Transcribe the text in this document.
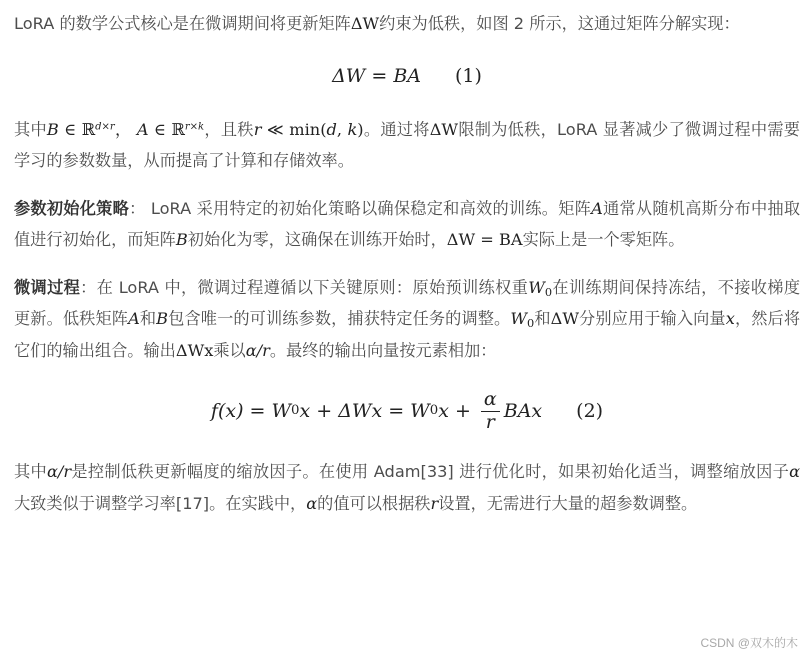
LoRA 的数学公式核心是在微调期间将更新矩阵ΔW约束为低秩，如图 2 所示，这通过矩阵分解实现：

ΔW = BA (1)

其中B ∈ ℝ$^{d\times r}$， A ∈ ℝ$^{r\times k}$，且秩r ≪ min(d, k)。通过将ΔW限制为低秩，LoRA 显著减少了微调过程中需要学习的参数数量，从而提高了计算和存储效率。

参数初始化策略： LoRA 采用特定的初始化策略以确保稳定和高效的训练。矩阵A通常从随机高斯分布中抽取值进行初始化，而矩阵B初始化为零，这确保在训练开始时，ΔW = BA实际上是一个零矩阵。

微调过程：在 LoRA 中，微调过程遵循以下关键原则：原始预训练权重$W_0$在训练期间保持冻结，不接收梯度更新。低秩矩阵A和B包含唯一的可训练参数，捕获特定任务的调整。$W_0$和ΔW分别应用于输入向量x，然后将它们的输出组合。输出ΔWx乘以α/r。最终的输出向量按元素相加：

f(x) = W 0 x + ΔWx = W 0 $x + \frac{\alpha}{r}$ BAx (2)

其中α/r是控制低秩更新幅度的缩放因子。在使用 Adam[33] 进行优化时，如果初始化适当，调整缩放因子α大致类似于调整学习率[17]。在实践中，α的值可以根据秩r设置，无需进行大量的超参数调整。

CSDN @双木的木
